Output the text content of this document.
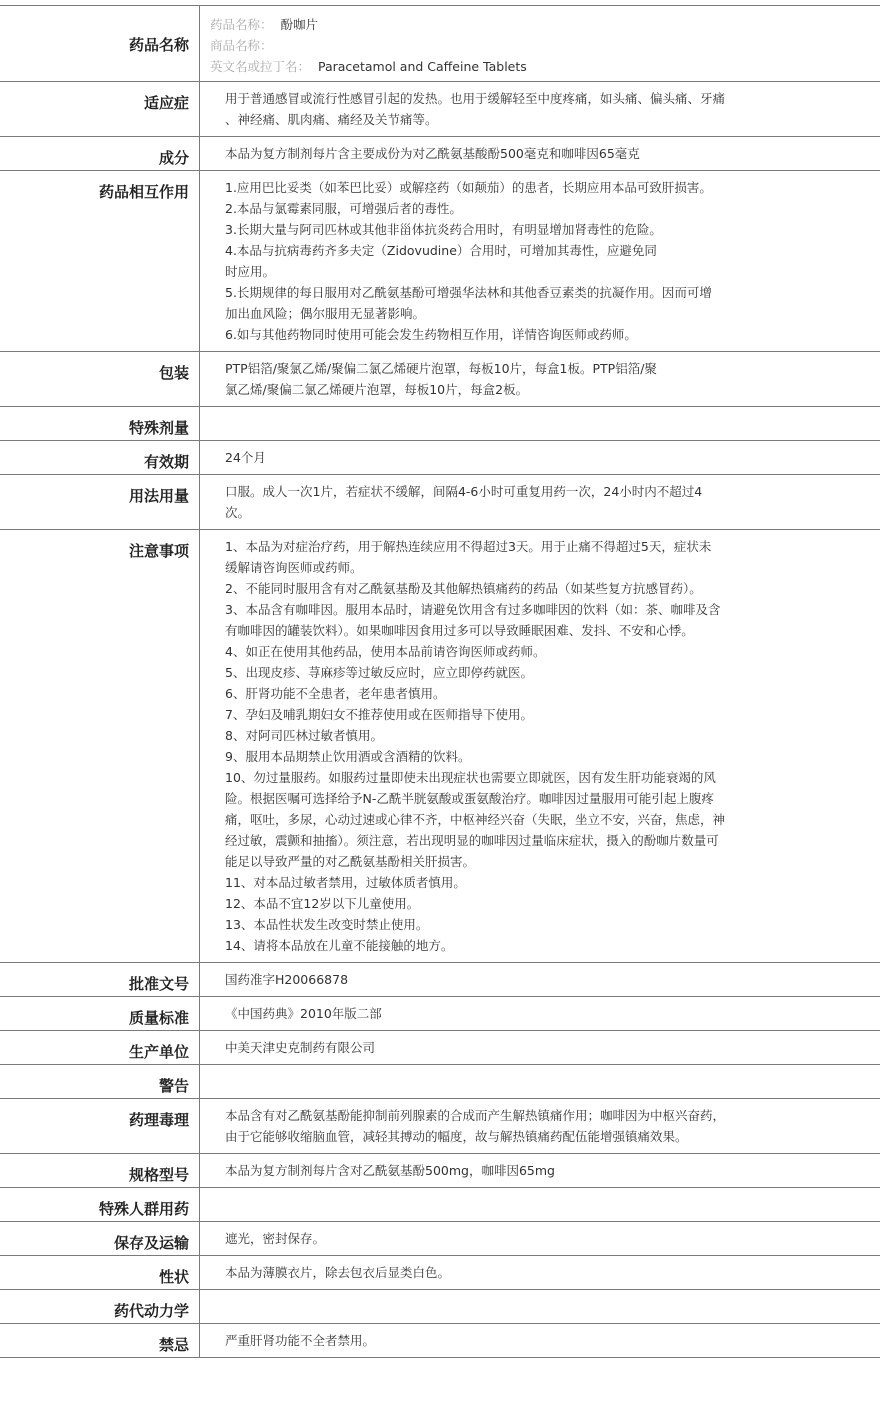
药品名称
药品名称： 酚咖片
商品名称：
英文名或拉丁名： Paracetamol and Caffeine Tablets
适应症	用于普通感冒或流行性感冒引起的发热。也用于缓解轻至中度疼痛，如头痛、偏头痛、牙痛
、神经痛、肌肉痛、痛经及关节痛等。
成分	本品为复方制剂每片含主要成份为对乙酰氨基酸酚500毫克和咖啡因65毫克
药品相互作用	1.应用巴比妥类（如苯巴比妥）或解痉药（如颠茄）的患者，长期应用本品可致肝损害。
2.本品与氯霉素同服，可增强后者的毒性。
3.长期大量与阿司匹林或其他非甾体抗炎药合用时，有明显增加肾毒性的危险。
4.本品与抗病毒药齐多夫定（Zidovudine）合用时，可增加其毒性，应避免同
时应用。
5.长期规律的每日服用对乙酰氨基酚可增强华法林和其他香豆素类的抗凝作用。因而可增
加出血风险；偶尔服用无显著影响。
6.如与其他药物同时使用可能会发生药物相互作用，详情咨询医师或药师。
包装	PTP铝箔/聚氯乙烯/聚偏二氯乙烯硬片泡罩，每板10片，每盒1板。PTP铝箔/聚
氯乙烯/聚偏二氯乙烯硬片泡罩，每板10片，每盒2板。
特殊剂量
有效期	24个月
用法用量	口服。成人一次1片，若症状不缓解，间隔4-6小时可重复用药一次，24小时内不超过4
次。
注意事项	1、本品为对症治疗药，用于解热连续应用不得超过3天。用于止痛不得超过5天，症状未
缓解请咨询医师或药师。
2、不能同时服用含有对乙酰氨基酚及其他解热镇痛药的药品（如某些复方抗感冒药）。
3、本品含有咖啡因。服用本品时，请避免饮用含有过多咖啡因的饮料（如：茶、咖啡及含
有咖啡因的罐装饮料）。如果咖啡因食用过多可以导致睡眠困难、发抖、不安和心悸。
4、如正在使用其他药品，使用本品前请咨询医师或药师。
5、出现皮疹、荨麻疹等过敏反应时，应立即停药就医。
6、肝肾功能不全患者，老年患者慎用。
7、孕妇及哺乳期妇女不推荐使用或在医师指导下使用。
8、对阿司匹林过敏者慎用。
9、服用本品期禁止饮用酒或含酒精的饮料。
10、勿过量服药。如服药过量即使未出现症状也需要立即就医，因有发生肝功能衰竭的风
险。根据医嘱可选择给予N-乙酰半胱氨酸或蛋氨酸治疗。咖啡因过量服用可能引起上腹疼
痛，呕吐，多尿，心动过速或心律不齐，中枢神经兴奋（失眠，坐立不安，兴奋，焦虑，神
经过敏，震颤和抽搐）。须注意，若出现明显的咖啡因过量临床症状，摄入的酚咖片数量可
能足以导致严量的对乙酰氨基酚相关肝损害。
11、对本品过敏者禁用，过敏体质者慎用。
12、本品不宜12岁以下儿童使用。
13、本品性状发生改变时禁止使用。
14、请将本品放在儿童不能接触的地方。
批准文号	国药准字H20066878
质量标准	《中国药典》2010年版二部
生产单位	中美天津史克制药有限公司
警告
药理毒理	本品含有对乙酰氨基酚能抑制前列腺素的合成而产生解热镇痛作用；咖啡因为中枢兴奋药，
由于它能够收缩脑血管，减轻其搏动的幅度，故与解热镇痛药配伍能增强镇痛效果。
规格型号	本品为复方制剂每片含对乙酰氨基酚500mg，咖啡因65mg
特殊人群用药
保存及运输	遮光，密封保存。
性状	本品为薄膜衣片，除去包衣后显类白色。
药代动力学
禁忌	严重肝肾功能不全者禁用。
